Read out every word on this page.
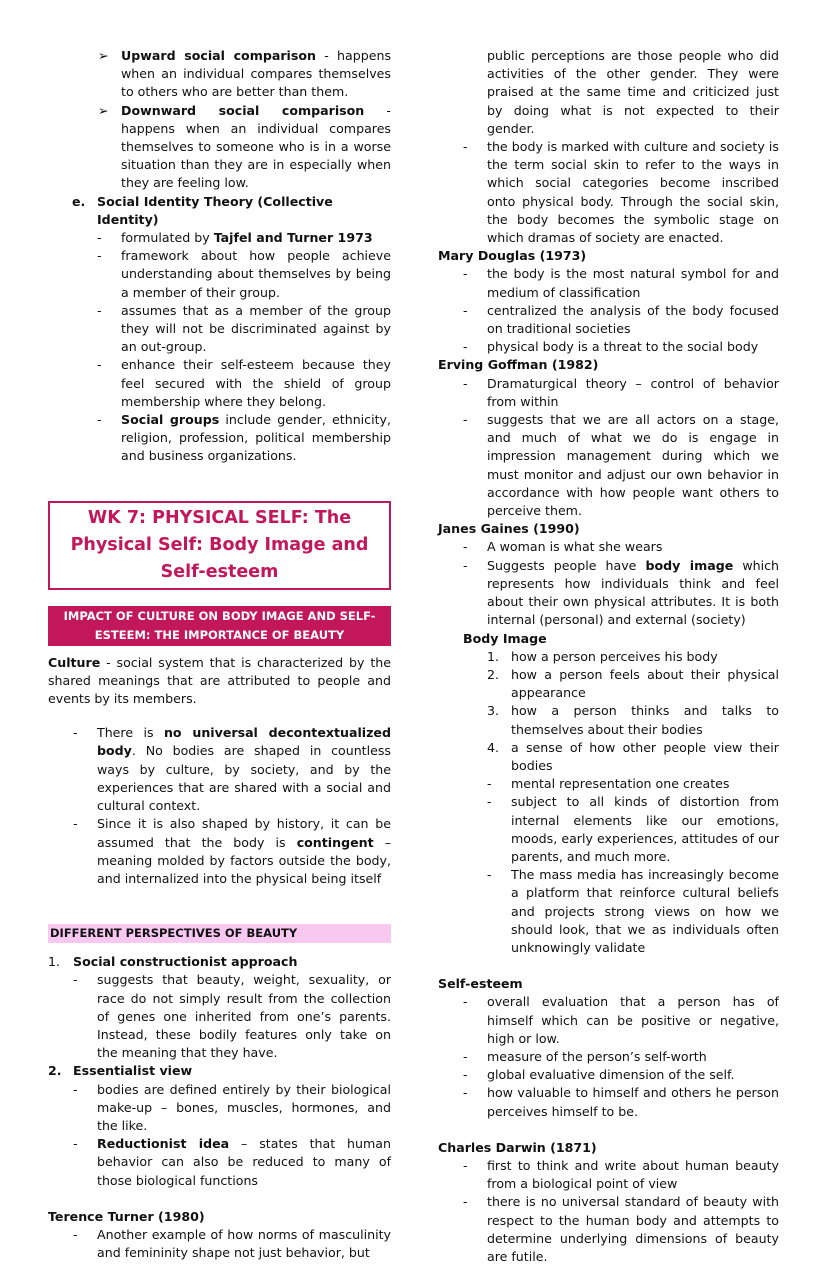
➢ Upward social comparison - happens when an individual compares themselves to others who are better than them.
➢ Downward social comparison - happens when an individual compares themselves to someone who is in a worse situation than they are in especially when they are feeling low.
e. Social Identity Theory (Collective Identity)
- formulated by Tajfel and Turner 1973
- framework about how people achieve understanding about themselves by being a member of their group.
- assumes that as a member of the group they will not be discriminated against by an out-group.
- enhance their self-esteem because they feel secured with the shield of group membership where they belong.
- Social groups include gender, ethnicity, religion, profession, political membership and business organizations.
WK 7: PHYSICAL SELF: The Physical Self: Body Image and Self-esteem
IMPACT OF CULTURE ON BODY IMAGE AND SELF-ESTEEM: THE IMPORTANCE OF BEAUTY
Culture - social system that is characterized by the shared meanings that are attributed to people and events by its members.
- There is no universal decontextualized body. No bodies are shaped in countless ways by culture, by society, and by the experiences that are shared with a social and cultural context.
- Since it is also shaped by history, it can be assumed that the body is contingent – meaning molded by factors outside the body, and internalized into the physical being itself
DIFFERENT PERSPECTIVES OF BEAUTY
1. Social constructionist approach
- suggests that beauty, weight, sexuality, or race do not simply result from the collection of genes one inherited from one’s parents. Instead, these bodily features only take on the meaning that they have.
2. Essentialist view
- bodies are defined entirely by their biological make-up – bones, muscles, hormones, and the like.
- Reductionist idea – states that human behavior can also be reduced to many of those biological functions
Terence Turner (1980)
- Another example of how norms of masculinity and femininity shape not just behavior, but
public perceptions are those people who did activities of the other gender. They were praised at the same time and criticized just by doing what is not expected to their gender.
- the body is marked with culture and society is the term social skin to refer to the ways in which social categories become inscribed onto physical body. Through the social skin, the body becomes the symbolic stage on which dramas of society are enacted.
Mary Douglas (1973)
- the body is the most natural symbol for and medium of classification
- centralized the analysis of the body focused on traditional societies
- physical body is a threat to the social body
Erving Goffman (1982)
- Dramaturgical theory – control of behavior from within
- suggests that we are all actors on a stage, and much of what we do is engage in impression management during which we must monitor and adjust our own behavior in accordance with how people want others to perceive them.
Janes Gaines (1990)
- A woman is what she wears
- Suggests people have body image which represents how individuals think and feel about their own physical attributes. It is both internal (personal) and external (society)
Body Image
1. how a person perceives his body
2. how a person feels about their physical appearance
3. how a person thinks and talks to themselves about their bodies
4. a sense of how other people view their bodies
- mental representation one creates
- subject to all kinds of distortion from internal elements like our emotions, moods, early experiences, attitudes of our parents, and much more.
- The mass media has increasingly become a platform that reinforce cultural beliefs and projects strong views on how we should look, that we as individuals often unknowingly validate
Self-esteem
- overall evaluation that a person has of himself which can be positive or negative, high or low.
- measure of the person’s self-worth
- global evaluative dimension of the self.
- how valuable to himself and others he person perceives himself to be.
Charles Darwin (1871)
- first to think and write about human beauty from a biological point of view
- there is no universal standard of beauty with respect to the human body and attempts to determine underlying dimensions of beauty are futile.
